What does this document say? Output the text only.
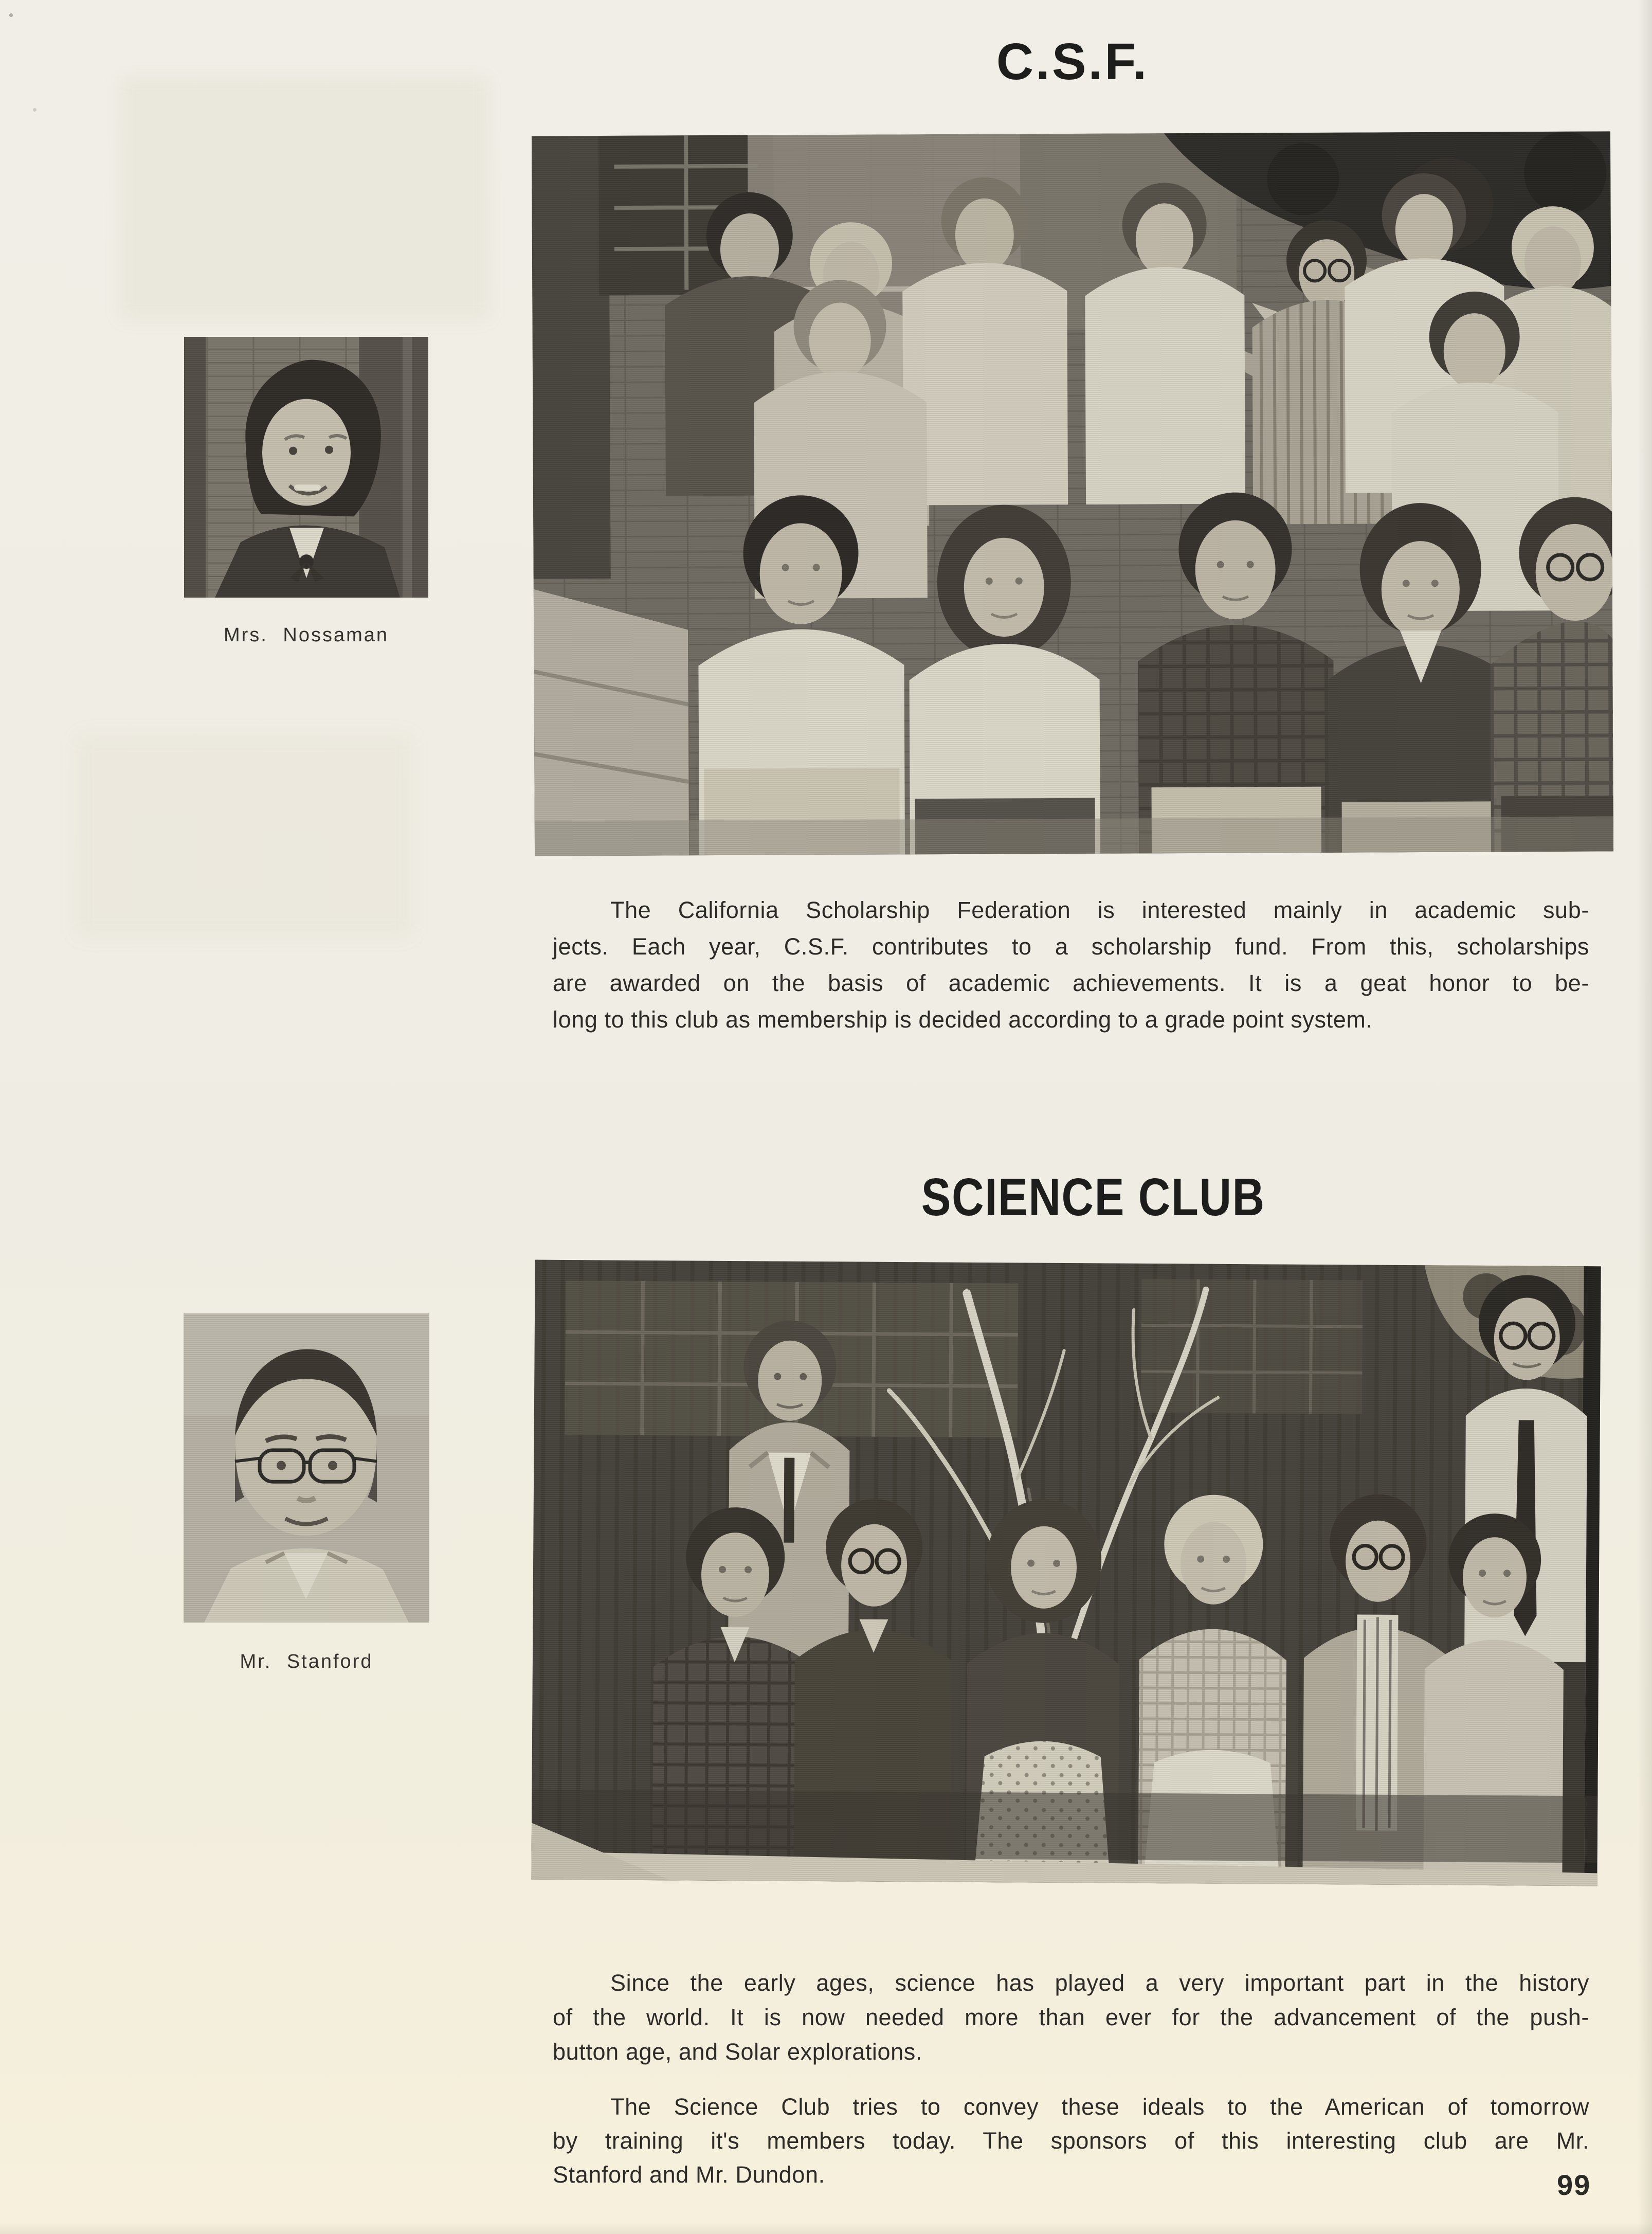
C.S.F.
Mrs. Nossaman
The California Scholarship Federation is interested mainly in academic sub-
jects. Each year, C.S.F. contributes to a scholarship fund. From this, scholarships
are awarded on the basis of academic achievements. It is a geat honor to be-
long to this club as membership is decided according to a grade point system.
SCIENCE CLUB
Mr. Stanford
Since the early ages, science has played a very important part in the history
of the world. It is now needed more than ever for the advancement of the push-
button age, and Solar explorations.
The Science Club tries to convey these ideals to the American of tomorrow
by training it's members today. The sponsors of this interesting club are Mr.
Stanford and Mr. Dundon.	99
